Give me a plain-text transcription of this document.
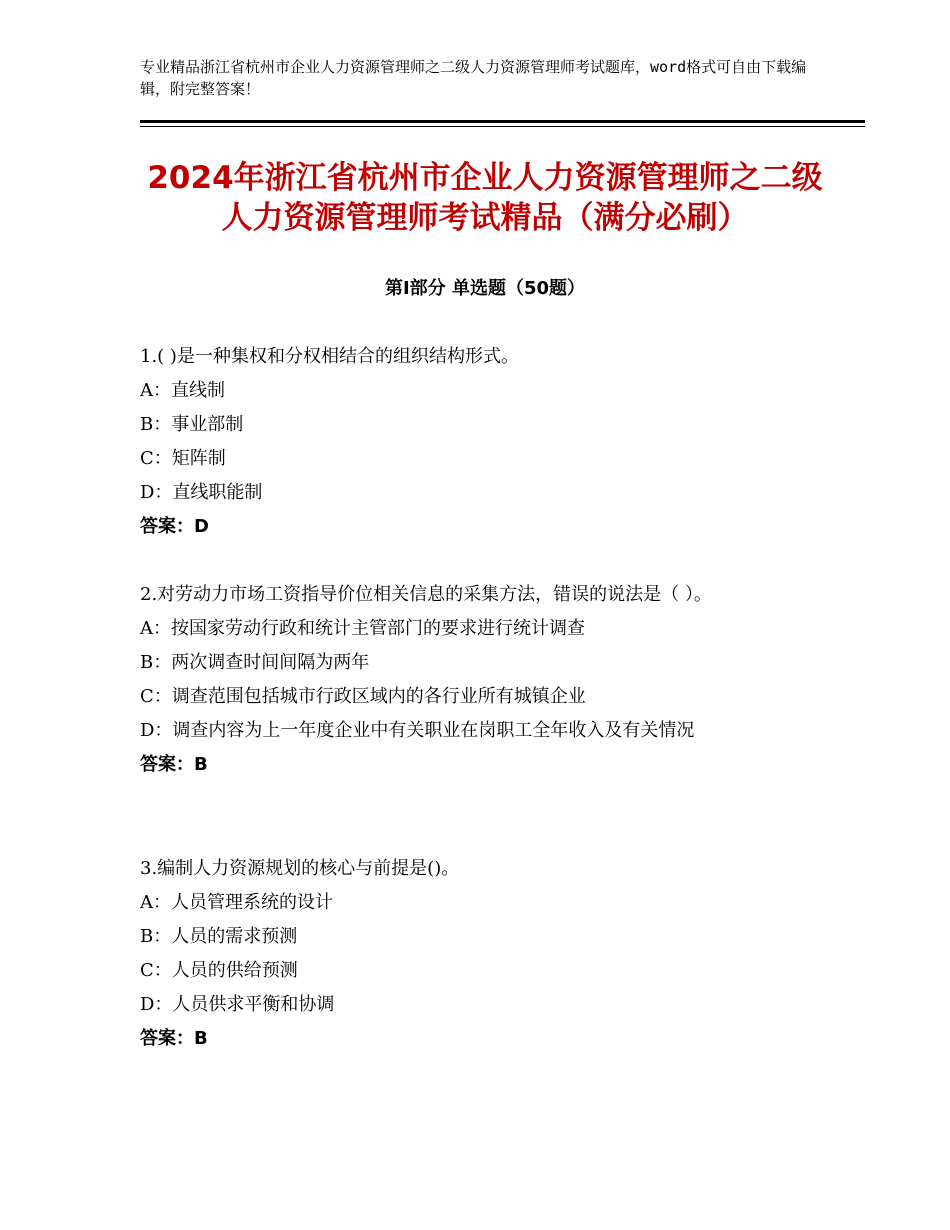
专业精品浙江省杭州市企业人力资源管理师之二级人力资源管理师考试题库，word格式可自由下载编辑，附完整答案！
2024年浙江省杭州市企业人力资源管理师之二级人力资源管理师考试精品（满分必刷）
第Ⅰ部分 单选题（50题）
1.( )是一种集权和分权相结合的组织结构形式。
A：直线制
B：事业部制
C：矩阵制
D：直线职能制
答案：D
2.对劳动力市场工资指导价位相关信息的采集方法，错误的说法是（ ）。
A：按国家劳动行政和统计主管部门的要求进行统计调查
B：两次调查时间间隔为两年
C：调查范围包括城市行政区域内的各行业所有城镇企业
D：调查内容为上一年度企业中有关职业在岗职工全年收入及有关情况
答案：B
3.编制人力资源规划的核心与前提是()。
A：人员管理系统的设计
B：人员的需求预测
C：人员的供给预测
D：人员供求平衡和协调
答案：B
